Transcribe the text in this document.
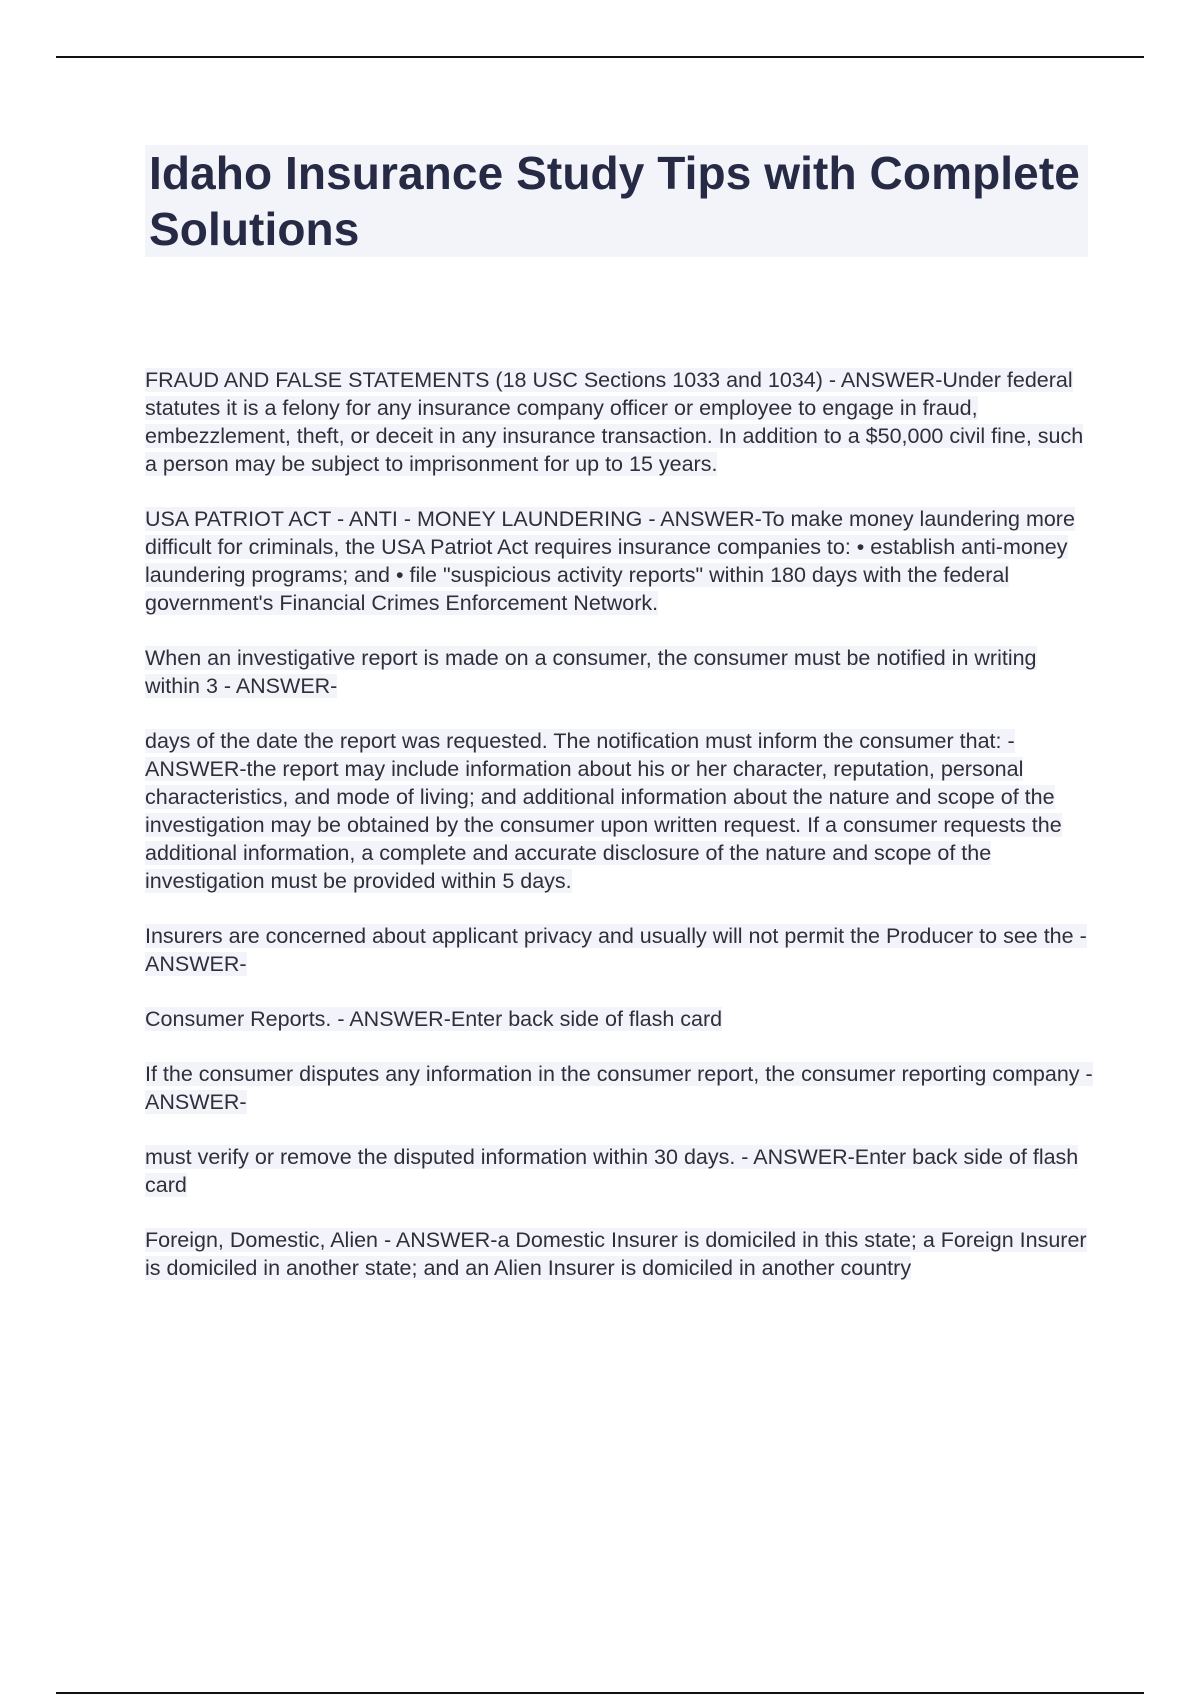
Idaho Insurance Study Tips with Complete Solutions

FRAUD AND FALSE STATEMENTS (18 USC Sections 1033 and 1034) - ANSWER-Under federal statutes it is a felony for any insurance company officer or employee to engage in fraud, embezzlement, theft, or deceit in any insurance transaction. In addition to a $50,000 civil fine, such a person may be subject to imprisonment for up to 15 years.

USA PATRIOT ACT - ANTI - MONEY LAUNDERING - ANSWER-To make money laundering more difficult for criminals, the USA Patriot Act requires insurance companies to: • establish anti-money laundering programs; and • file "suspicious activity reports" within 180 days with the federal government's Financial Crimes Enforcement Network.

When an investigative report is made on a consumer, the consumer must be notified in writing within 3 - ANSWER-

days of the date the report was requested. The notification must inform the consumer that: - ANSWER-the report may include information about his or her character, reputation, personal characteristics, and mode of living; and additional information about the nature and scope of the investigation may be obtained by the consumer upon written request. If a consumer requests the additional information, a complete and accurate disclosure of the nature and scope of the investigation must be provided within 5 days.

Insurers are concerned about applicant privacy and usually will not permit the Producer to see the - ANSWER-

Consumer Reports. - ANSWER-Enter back side of flash card

If the consumer disputes any information in the consumer report, the consumer reporting company - ANSWER-

must verify or remove the disputed information within 30 days. - ANSWER-Enter back side of flash card

Foreign, Domestic, Alien - ANSWER-a Domestic Insurer is domiciled in this state; a Foreign Insurer is domiciled in another state; and an Alien Insurer is domiciled in another country
